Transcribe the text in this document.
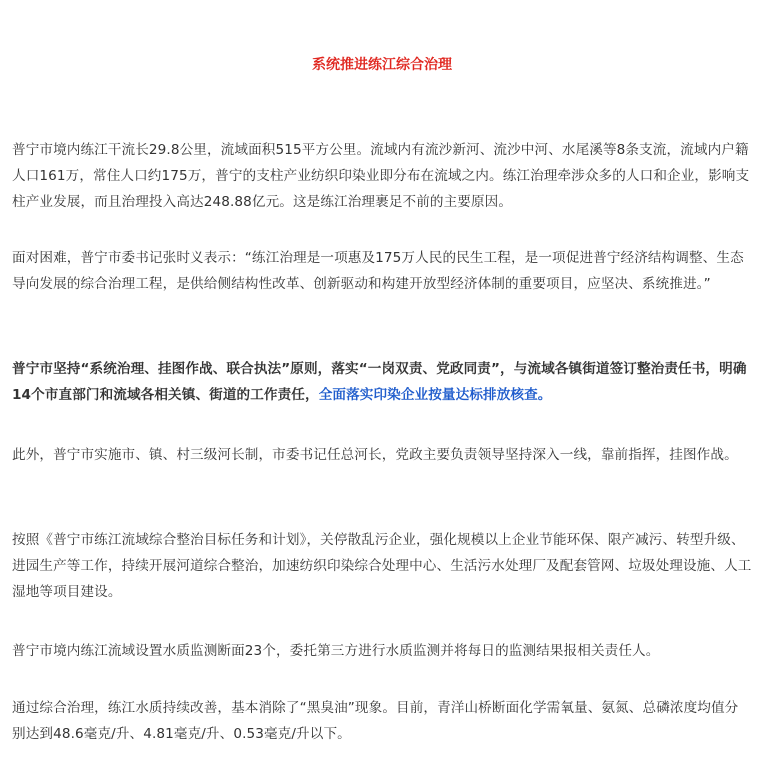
系统推进练江综合治理

普宁市境内练江干流长29.8公里，流域面积515平方公里。流域内有流沙新河、流沙中河、水尾溪等8条支流，流域内户籍人口161万，常住人口约175万，普宁的支柱产业纺织印染业即分布在流域之内。练江治理牵涉众多的人口和企业，影响支柱产业发展，而且治理投入高达248.88亿元。这是练江治理裹足不前的主要原因。

面对困难，普宁市委书记张时义表示：“练江治理是一项惠及175万人民的民生工程，是一项促进普宁经济结构调整、生态导向发展的综合治理工程，是供给侧结构性改革、创新驱动和构建开放型经济体制的重要项目，应坚决、系统推进。”

普宁市坚持“系统治理、挂图作战、联合执法”原则，落实“一岗双责、党政同责”，与流域各镇街道签订整治责任书，明确14个市直部门和流域各相关镇、街道的工作责任，全面落实印染企业按量达标排放核查。

此外，普宁市实施市、镇、村三级河长制，市委书记任总河长，党政主要负责领导坚持深入一线，靠前指挥，挂图作战。

按照《普宁市练江流域综合整治目标任务和计划》，关停散乱污企业，强化规模以上企业节能环保、限产减污、转型升级、进园生产等工作，持续开展河道综合整治，加速纺织印染综合处理中心、生活污水处理厂及配套管网、垃圾处理设施、人工湿地等项目建设。

普宁市境内练江流域设置水质监测断面23个，委托第三方进行水质监测并将每日的监测结果报相关责任人。

通过综合治理，练江水质持续改善，基本消除了“黑臭油”现象。目前，青洋山桥断面化学需氧量、氨氮、总磷浓度均值分别达到48.6毫克/升、4.81毫克/升、0.53毫克/升以下。
